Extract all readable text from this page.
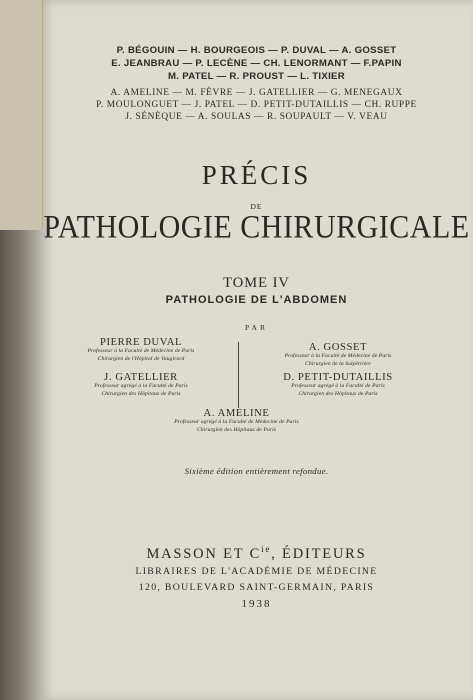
P. BÉGOUIN — H. BOURGEOIS — P. DUVAL — A. GOSSET
E. JEANBRAU — P. LECÈNE — CH. LENORMANT — F.PAPIN
M. PATEL — R. PROUST — L. TIXIER
A. AMELINE — M. FÈVRE — J. GATELLIER — G. MENEGAUX
P. MOULONGUET — J. PATEL — D. PETIT-DUTAILLIS — CH. RUPPE
J. SÉNÈQUE — A. SOULAS — R. SOUPAULT — V. VEAU
PRÉCIS
DE
PATHOLOGIE CHIRURGICALE
TOME IV
PATHOLOGIE DE L'ABDOMEN
PAR
PIERRE DUVAL
Professeur à la Faculté de Médecine de Paris
Chirurgien de l'Hôpital de Vaugirard
A. GOSSET
Professeur à la Faculté de Médecine de Paris
Chirurgien de la Salpêtrière
J. GATELLIER
Professeur agrégé à la Faculté de Paris
Chirurgien des Hôpitaux de Paris
D. PETIT-DUTAILLIS
Professeur agrégé à la Faculté de Paris
Chirurgien des Hôpitaux de Paris
A. AMELINE
Professeur agrégé à la Faculté de Médecine de Paris
Chirurgien des Hôpitaux de Paris
Sixième édition entièrement refondue.
MASSON ET $C^{ie}$, ÉDITEURS
LIBRAIRES DE L'ACADÉMIE DE MÉDECINE
120, BOULEVARD SAINT-GERMAIN, PARIS
1938
